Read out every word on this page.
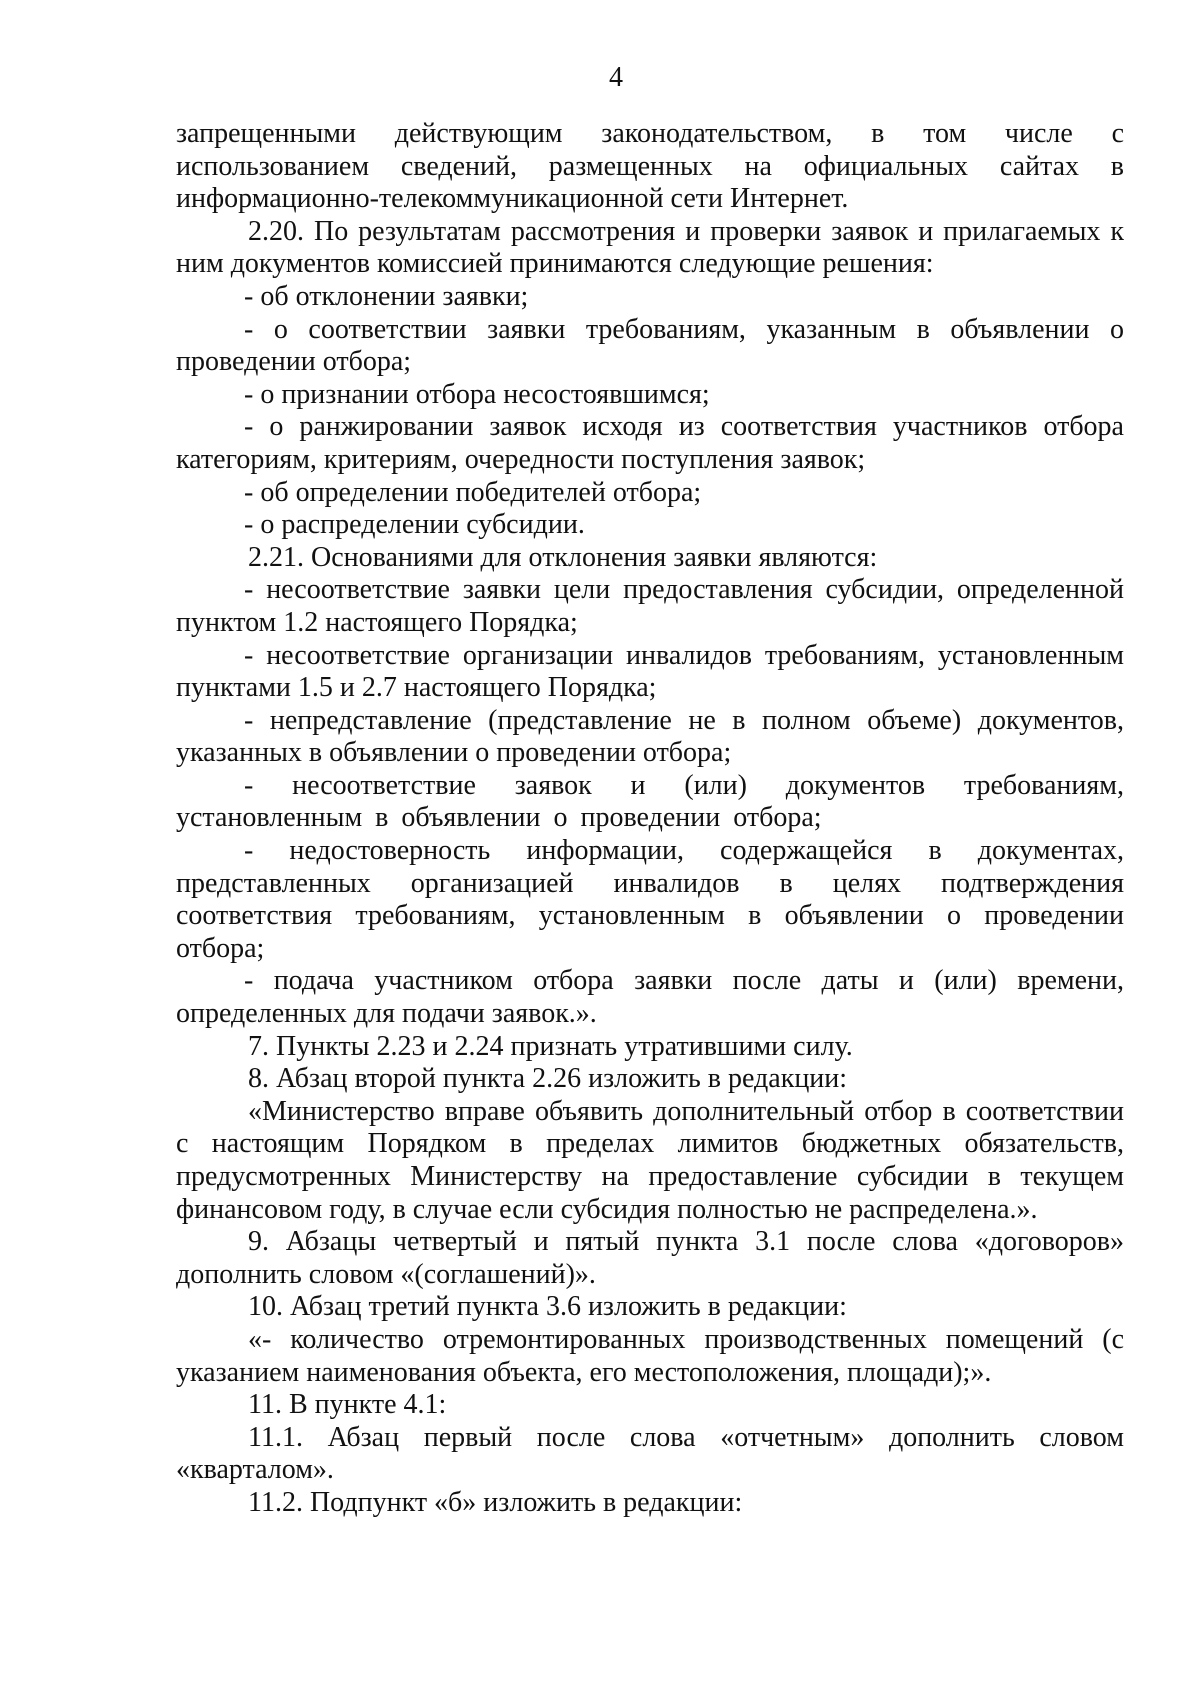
4

запрещенными действующим законодательством, в том числе с использованием сведений, размещенных на официальных сайтах в информационно-телекоммуникационной сети Интернет.

2.20. По результатам рассмотрения и проверки заявок и прилагаемых к ним документов комиссией принимаются следующие решения:

- об отклонении заявки;

- о соответствии заявки требованиям, указанным в объявлении о проведении отбора;

- о признании отбора несостоявшимся;

- о ранжировании заявок исходя из соответствия участников отбора категориям, критериям, очередности поступления заявок;

- об определении победителей отбора;

- о распределении субсидии.

2.21. Основаниями для отклонения заявки являются:

- несоответствие заявки цели предоставления субсидии, определенной пунктом 1.2 настоящего Порядка;

- несоответствие организации инвалидов требованиям, установленным пунктами 1.5 и 2.7 настоящего Порядка;

- непредставление (представление не в полном объеме) документов, указанных в объявлении о проведении отбора;

- несоответствие заявок и (или) документов требованиям, установленным в объявлении о проведении отбора;

- недостоверность информации, содержащейся в документах, представленных организацией инвалидов в целях подтверждения соответствия требованиям, установленным в объявлении о проведении отбора;

- подача участником отбора заявки после даты и (или) времени, определенных для подачи заявок.».

7. Пункты 2.23 и 2.24 признать утратившими силу.

8. Абзац второй пункта 2.26 изложить в редакции:

«Министерство вправе объявить дополнительный отбор в соответствии с настоящим Порядком в пределах лимитов бюджетных обязательств, предусмотренных Министерству на предоставление субсидии в текущем финансовом году, в случае если субсидия полностью не распределена.».

9. Абзацы четвертый и пятый пункта 3.1 после слова «договоров» дополнить словом «(соглашений)».

10. Абзац третий пункта 3.6 изложить в редакции:

«- количество отремонтированных производственных помещений (с указанием наименования объекта, его местоположения, площади);».

11. В пункте 4.1:

11.1. Абзац первый после слова «отчетным» дополнить словом «кварталом».

11.2. Подпункт «б» изложить в редакции:
